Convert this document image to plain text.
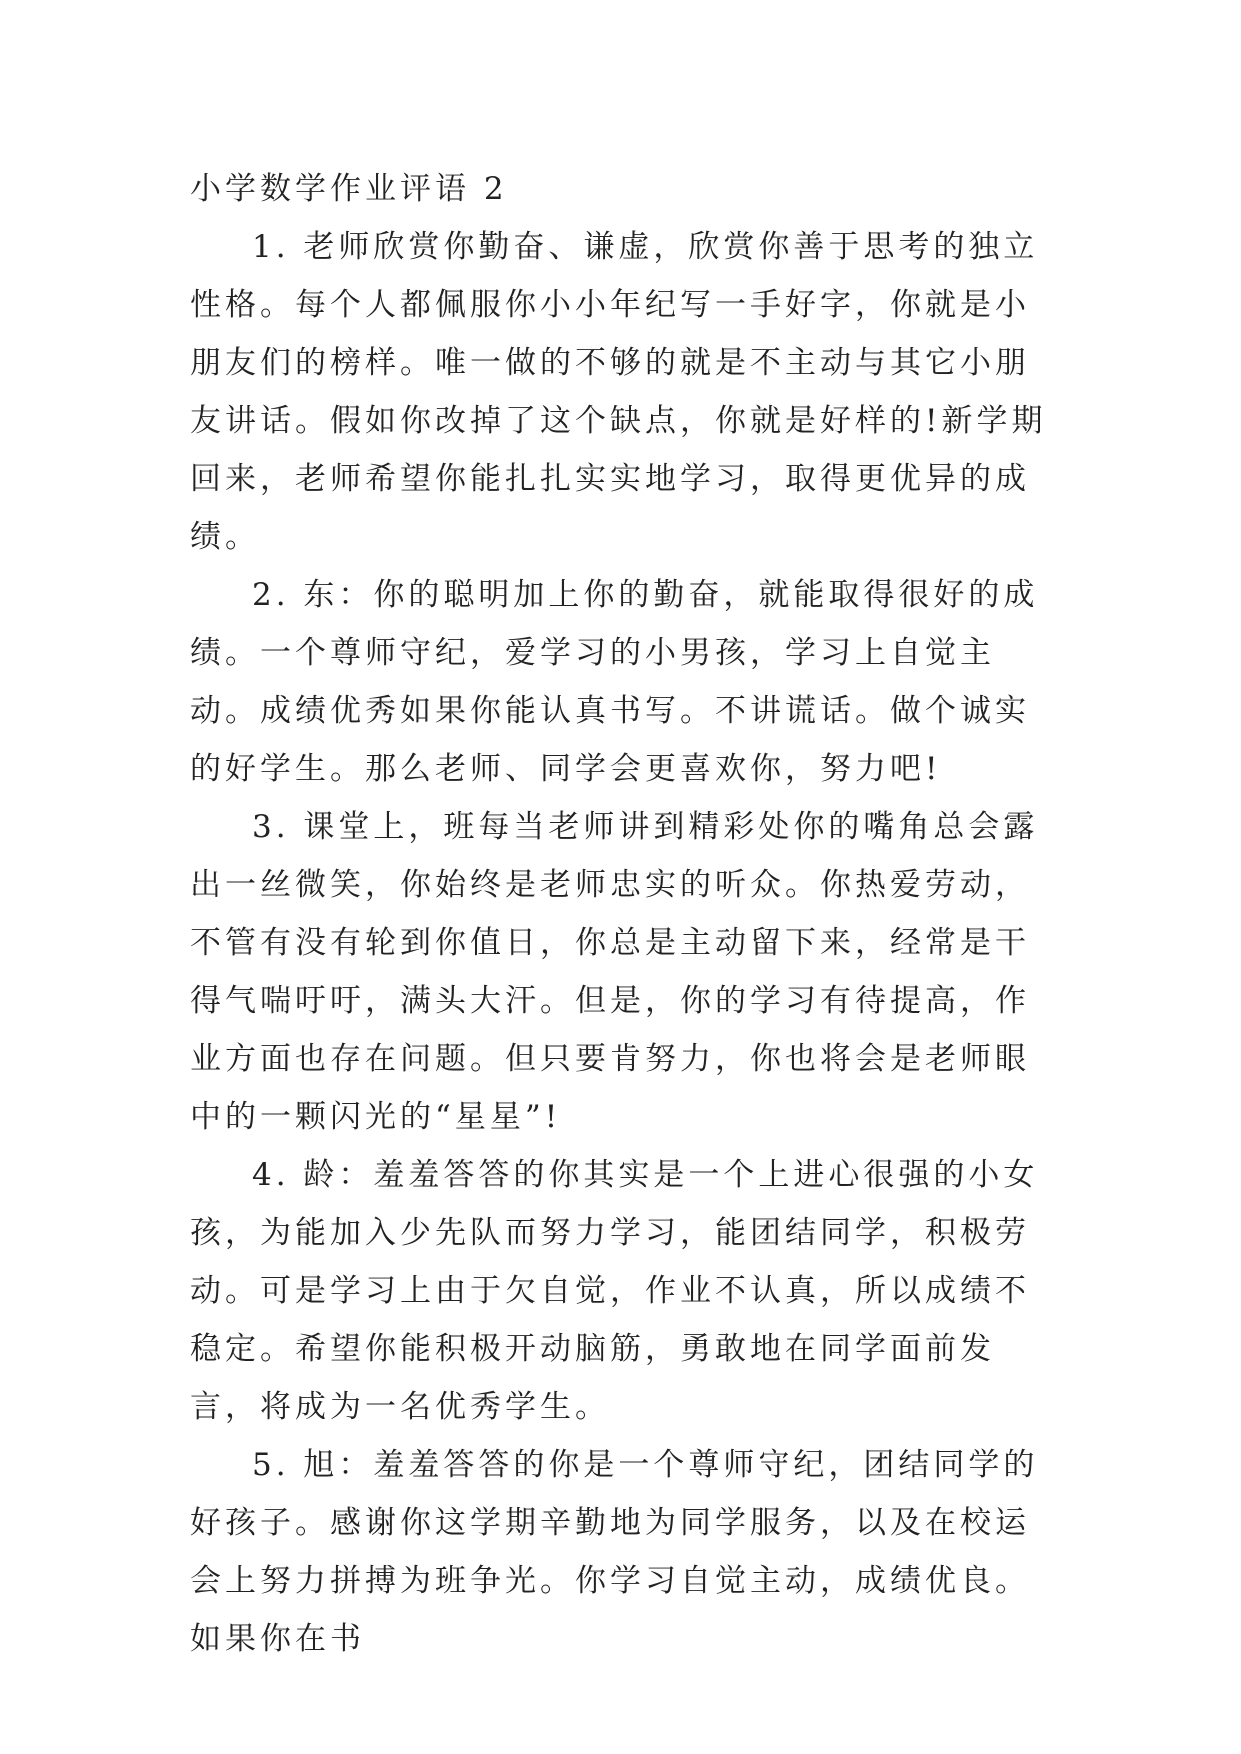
小学数学作业评语 2

1. 老师欣赏你勤奋、谦虚，欣赏你善于思考的独立性格。每个人都佩服你小小年纪写一手好字，你就是小朋友们的榜样。唯一做的不够的就是不主动与其它小朋友讲话。假如你改掉了这个缺点，你就是好样的!新学期回来，老师希望你能扎扎实实地学习，取得更优异的成绩。

2. 东：你的聪明加上你的勤奋，就能取得很好的成绩。一个尊师守纪，爱学习的小男孩，学习上自觉主动。成绩优秀如果你能认真书写。不讲谎话。做个诚实的好学生。那么老师、同学会更喜欢你，努力吧!

3. 课堂上，班每当老师讲到精彩处你的嘴角总会露出一丝微笑，你始终是老师忠实的听众。你热爱劳动，不管有没有轮到你值日，你总是主动留下来，经常是干得气喘吁吁，满头大汗。但是，你的学习有待提高，作业方面也存在问题。但只要肯努力，你也将会是老师眼中的一颗闪光的“星星”!

4. 龄：羞羞答答的你其实是一个上进心很强的小女孩，为能加入少先队而努力学习，能团结同学，积极劳动。可是学习上由于欠自觉，作业不认真，所以成绩不稳定。希望你能积极开动脑筋，勇敢地在同学面前发言，将成为一名优秀学生。

5. 旭：羞羞答答的你是一个尊师守纪，团结同学的好孩子。感谢你这学期辛勤地为同学服务，以及在校运会上努力拼搏为班争光。你学习自觉主动，成绩优良。如果你在书
